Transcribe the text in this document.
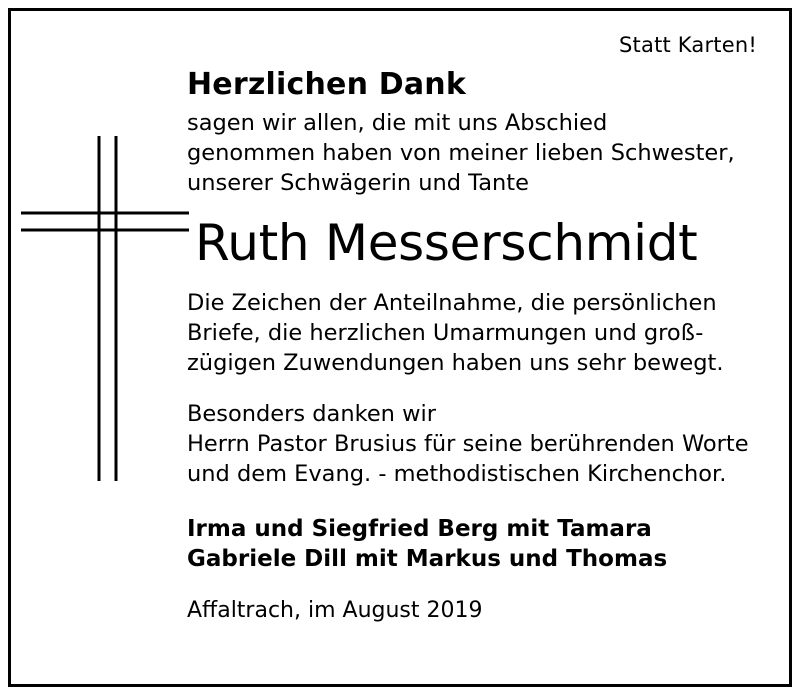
Statt Karten!
Herzlichen Dank

sagen wir allen, die mit uns Abschied

genommen haben von meiner lieben Schwester,

unserer Schwägerin und Tante

Ruth Messerschmidt

Die Zeichen der Anteilnahme, die persönlichen

Briefe, die herzlichen Umarmungen und groß-

zügigen Zuwendungen haben uns sehr bewegt.

Besonders danken wir

Herrn Pastor Brusius für seine berührenden Worte

und dem Evang. - methodistischen Kirchenchor.

Irma und Siegfried Berg mit Tamara

Gabriele Dill mit Markus und Thomas

Affaltrach, im August 2019
